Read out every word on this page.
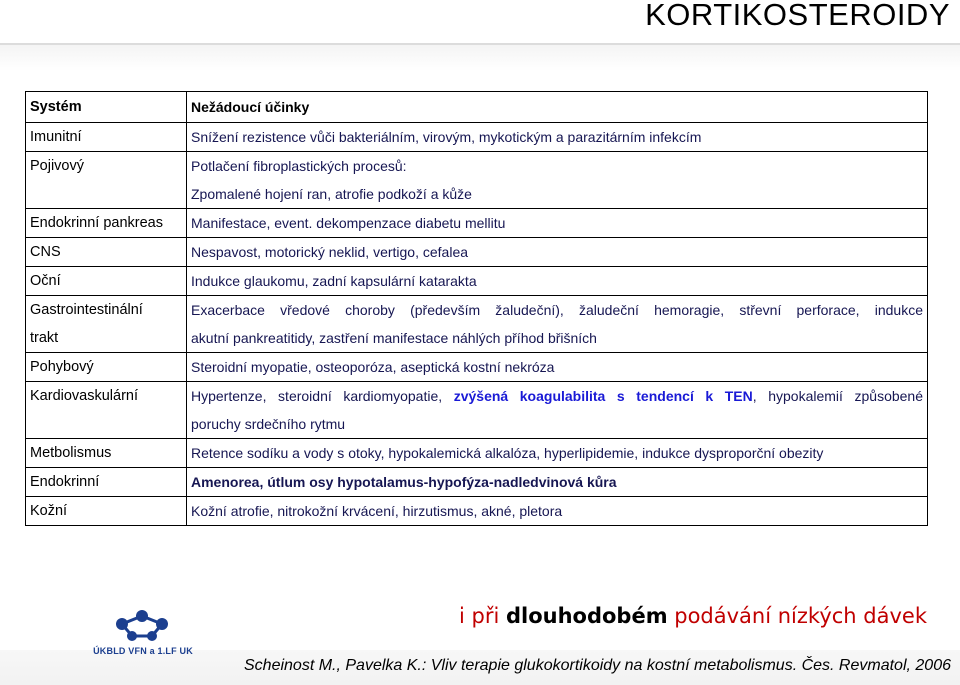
KORTIKOSTEROIDY
Systém	Nežádoucí účinky
Imunitní	Snížení rezistence vůči bakteriálním, virovým, mykotickým a parazitárním infekcím
Pojivový	Potlačení fibroplastických procesů:
Zpomalené hojení ran, atrofie podkoží a kůže

Endokrinní pankreas	Manifestace, event. dekompenzace diabetu mellitu
CNS	Nespavost, motorický neklid, vertigo, cefalea
Oční	Indukce glaukomu, zadní kapsulární katarakta

Gastrointestinální
trakt	Exacerbace vředové choroby (především žaludeční), žaludeční hemoragie, střevní perforace, indukce
akutní pankreatitidy, zastření manifestace náhlých příhod břišních

Pohybový	Steroidní myopatie, osteoporóza, aseptická kostní nekróza
Kardiovaskulární	Hypertenze, steroidní kardiomyopatie, zvýšená koagulabilita s tendencí k TEN, hypokalemií způsobené
poruchy srdečního rytmu

Metbolismus	Retence sodíku a vody s otoky, hypokalemická alkalóza, hyperlipidemie, indukce dysproporční obezity
Endokrinní	Amenorea, útlum osy hypotalamus-hypofýza-nadledvinová kůra
Kožní	Kožní atrofie, nitrokožní krvácení, hirzutismus, akné, pletora
i při dlouhodobém podávání nízkých dávek
ÚKBLD VFN a 1.LF UK
Scheinost M., Pavelka K.: Vliv terapie glukokortikoidy na kostní metabolismus. Čes. Revmatol, 2006
